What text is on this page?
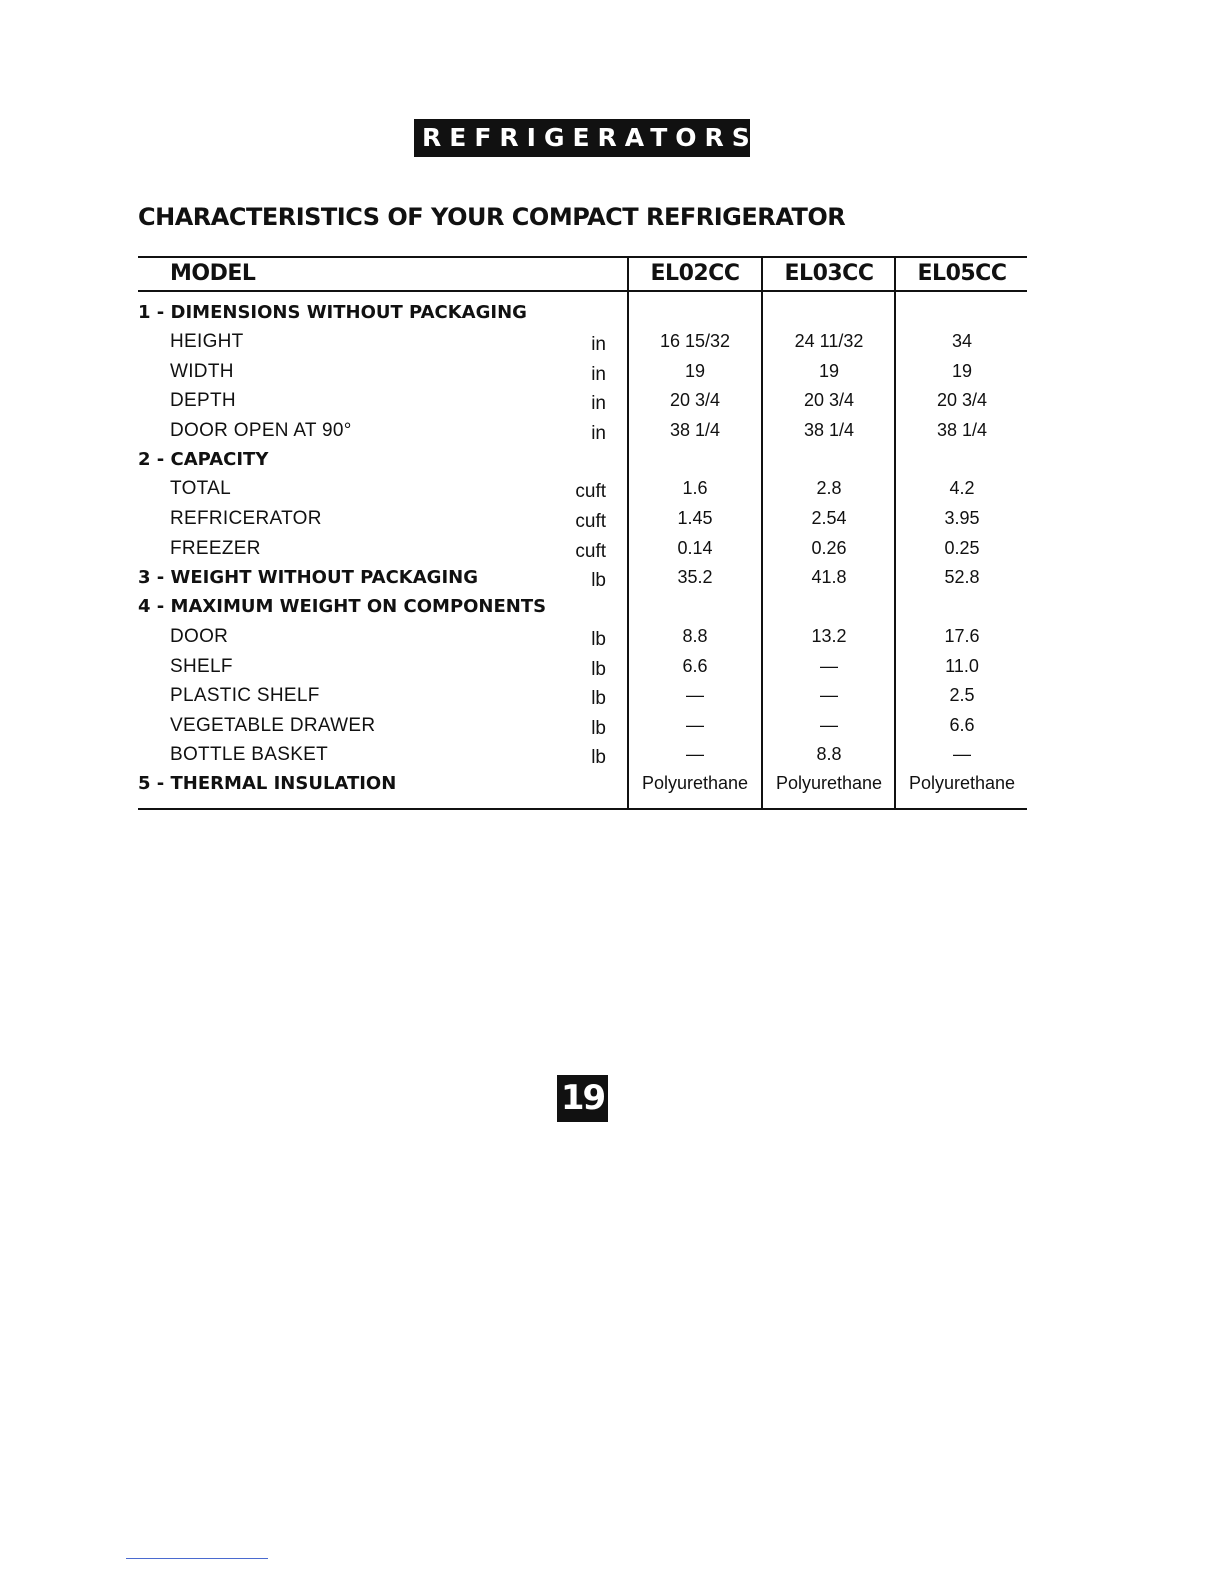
REFRIGERATORS
CHARACTERISTICS OF YOUR COMPACT REFRIGERATOR
MODEL	EL02CC	EL03CC	EL05CC
1 - DIMENSIONS WITHOUT PACKAGING
HEIGHT	in	16 15/32	24 11/32	34
WIDTH	in	19	19	19
DEPTH	in	20 3/4	20 3/4	20 3/4
DOOR OPEN AT 90°	in	38 1/4	38 1/4	38 1/4
2 - CAPACITY
TOTAL	cuft	1.6	2.8	4.2
REFRICERATOR	cuft	1.45	2.54	3.95
FREEZER	cuft	0.14	0.26	0.25
3 - WEIGHT WITHOUT PACKAGING	lb	35.2	41.8	52.8
4 - MAXIMUM WEIGHT ON COMPONENTS
DOOR	lb	8.8	13.2	17.6
SHELF	lb	6.6	—	11.0
PLASTIC SHELF	lb	—	—	2.5
VEGETABLE DRAWER	lb	—	—	6.6
BOTTLE BASKET	lb	—	8.8	—
5 - THERMAL INSULATION	Polyurethane	Polyurethane	Polyurethane
19
